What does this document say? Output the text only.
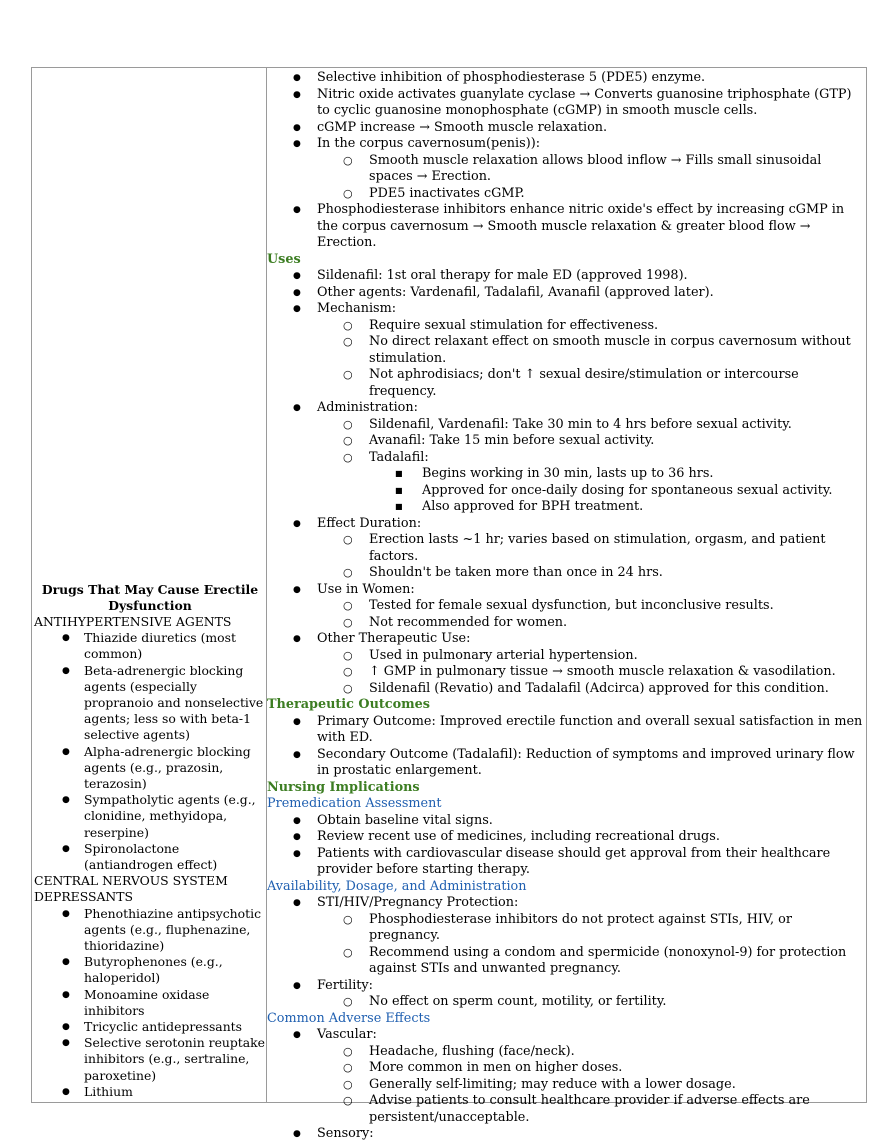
Drugs That May Cause Erectile Dysfunction

ANTIHYPERTENSIVE AGENTS

● Thiazide diuretics (most common)
● Beta-adrenergic blocking agents (especially propranoio and nonselective agents; less so with beta-1 selective agents)
● Alpha-adrenergic blocking agents (e.g., prazosin, terazosin)
● Sympatholytic agents (e.g., clonidine, methyidopa, reserpine)
● Spironolactone (antiandrogen effect)

CENTRAL NERVOUS SYSTEM DEPRESSANTS

● Phenothiazine antipsychotic agents (e.g., fluphenazine, thioridazine)
● Butyrophenones (e.g., haloperidol)
● Monoamine oxidase inhibitors
● Tricyclic antidepressants
● Selective serotonin reuptake inhibitors (e.g., sertraline, paroxetine)
● Lithium
● Selective inhibition of phosphodiesterase 5 (PDE5) enzyme.
● Nitric oxide activates guanylate cyclase → Converts guanosine triphosphate (GTP) to cyclic guanosine monophosphate (cGMP) in smooth muscle cells.
● cGMP increase → Smooth muscle relaxation.
● In the corpus cavernosum(penis)):
○ Smooth muscle relaxation allows blood inflow → Fills small sinusoidal spaces → Erection.
○ PDE5 inactivates cGMP.
● Phosphodiesterase inhibitors enhance nitric oxide's effect by increasing cGMP in the corpus cavernosum → Smooth muscle relaxation & greater blood flow → Erection.

Uses

● Sildenafil: 1st oral therapy for male ED (approved 1998).
● Other agents: Vardenafil, Tadalafil, Avanafil (approved later).
● Mechanism:
○ Require sexual stimulation for effectiveness.
○ No direct relaxant effect on smooth muscle in corpus cavernosum without stimulation.
○ Not aphrodisiacs; don't ↑ sexual desire/stimulation or intercourse frequency.
● Administration:
○ Sildenafil, Vardenafil: Take 30 min to 4 hrs before sexual activity.
○ Avanafil: Take 15 min before sexual activity.
○ Tadalafil:
■ Begins working in 30 min, lasts up to 36 hrs.
■ Approved for once-daily dosing for spontaneous sexual activity.
■ Also approved for BPH treatment.
● Effect Duration:
○ Erection lasts ~1 hr; varies based on stimulation, orgasm, and patient factors.
○ Shouldn't be taken more than once in 24 hrs.
● Use in Women:
○ Tested for female sexual dysfunction, but inconclusive results.
○ Not recommended for women.
● Other Therapeutic Use:
○ Used in pulmonary arterial hypertension.
○ ↑ GMP in pulmonary tissue → smooth muscle relaxation & vasodilation.
○ Sildenafil (Revatio) and Tadalafil (Adcirca) approved for this condition.

Therapeutic Outcomes

● Primary Outcome: Improved erectile function and overall sexual satisfaction in men with ED.
● Secondary Outcome (Tadalafil): Reduction of symptoms and improved urinary flow in prostatic enlargement.

Nursing Implications

Premedication Assessment

● Obtain baseline vital signs.
● Review recent use of medicines, including recreational drugs.
● Patients with cardiovascular disease should get approval from their healthcare provider before starting therapy.

Availability, Dosage, and Administration

● STI/HIV/Pregnancy Protection:
○ Phosphodiesterase inhibitors do not protect against STIs, HIV, or pregnancy.
○ Recommend using a condom and spermicide (nonoxynol-9) for protection against STIs and unwanted pregnancy.
● Fertility:
○ No effect on sperm count, motility, or fertility.

Common Adverse Effects

● Vascular:
○ Headache, flushing (face/neck).
○ More common in men on higher doses.
○ Generally self-limiting; may reduce with a lower dosage.
○ Advise patients to consult healthcare provider if adverse effects are persistent/unacceptable.
● Sensory:
